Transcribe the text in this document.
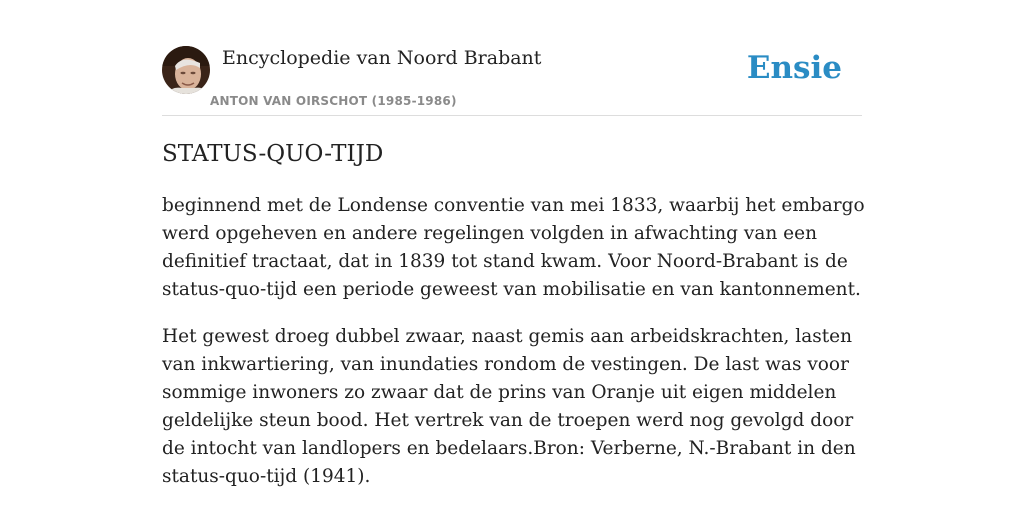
Encyclopedie van Noord Brabant
ANTON VAN OIRSCHOT (1985-1986)
Ensie
STATUS-QUO-TIJD

beginnend met de Londense conventie van mei 1833, waarbij het embargo werd opgeheven en andere regelingen volgden in afwachting van een definitief tractaat, dat in 1839 tot stand kwam. Voor Noord-Brabant is de status-quo-tijd een periode geweest van mobilisatie en van kantonnement.

Het gewest droeg dubbel zwaar, naast gemis aan arbeidskrachten, lasten van inkwartiering, van inundaties rondom de vestingen. De last was voor sommige inwoners zo zwaar dat de prins van Oranje uit eigen middelen geldelijke steun bood. Het vertrek van de troepen werd nog gevolgd door de intocht van landlopers en bedelaars.Bron: Verberne, N.-Brabant in den status-quo-tijd (1941).
